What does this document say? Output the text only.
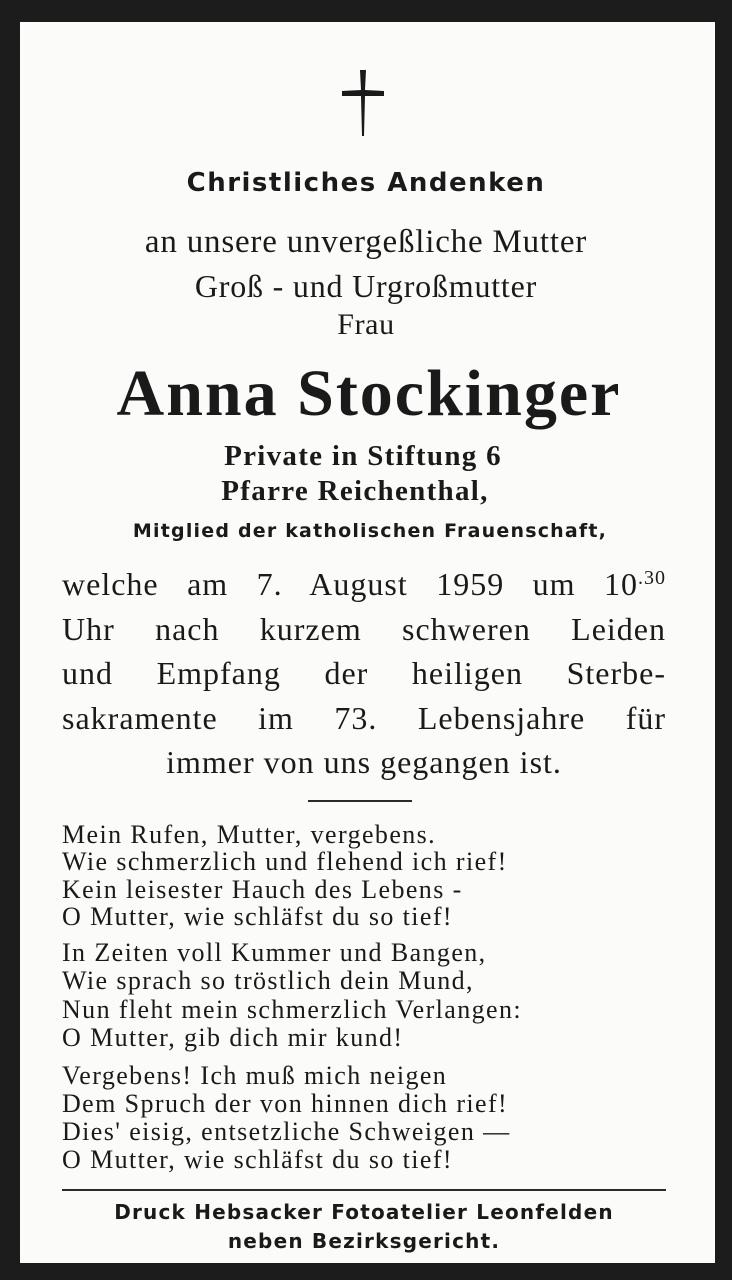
Christliches Andenken
an unsere unvergeßliche Mutter
Groß - und Urgroßmutter
Frau
Anna Stockinger
Private in Stiftung 6
Pfarre Reichenthal,
Mitglied der katholischen Frauenschaft,
welche am 7. August 1959 um $10^{.30}$
Uhr nach kurzem schweren Leiden
und Empfang der heiligen Sterbe-
sakramente im 73. Lebensjahre für
immer von uns gegangen ist.
Mein Rufen, Mutter, vergebens.
Wie schmerzlich und flehend ich rief!
Kein leisester Hauch des Lebens -
O Mutter, wie schläfst du so tief!
In Zeiten voll Kummer und Bangen,
Wie sprach so tröstlich dein Mund,
Nun fleht mein schmerzlich Verlangen:
O Mutter, gib dich mir kund!
Vergebens! Ich muß mich neigen
Dem Spruch der von hinnen dich rief!
Dies' eisig, entsetzliche Schweigen —
O Mutter, wie schläfst du so tief!
Druck Hebsacker Fotoatelier Leonfelden
neben Bezirksgericht.
